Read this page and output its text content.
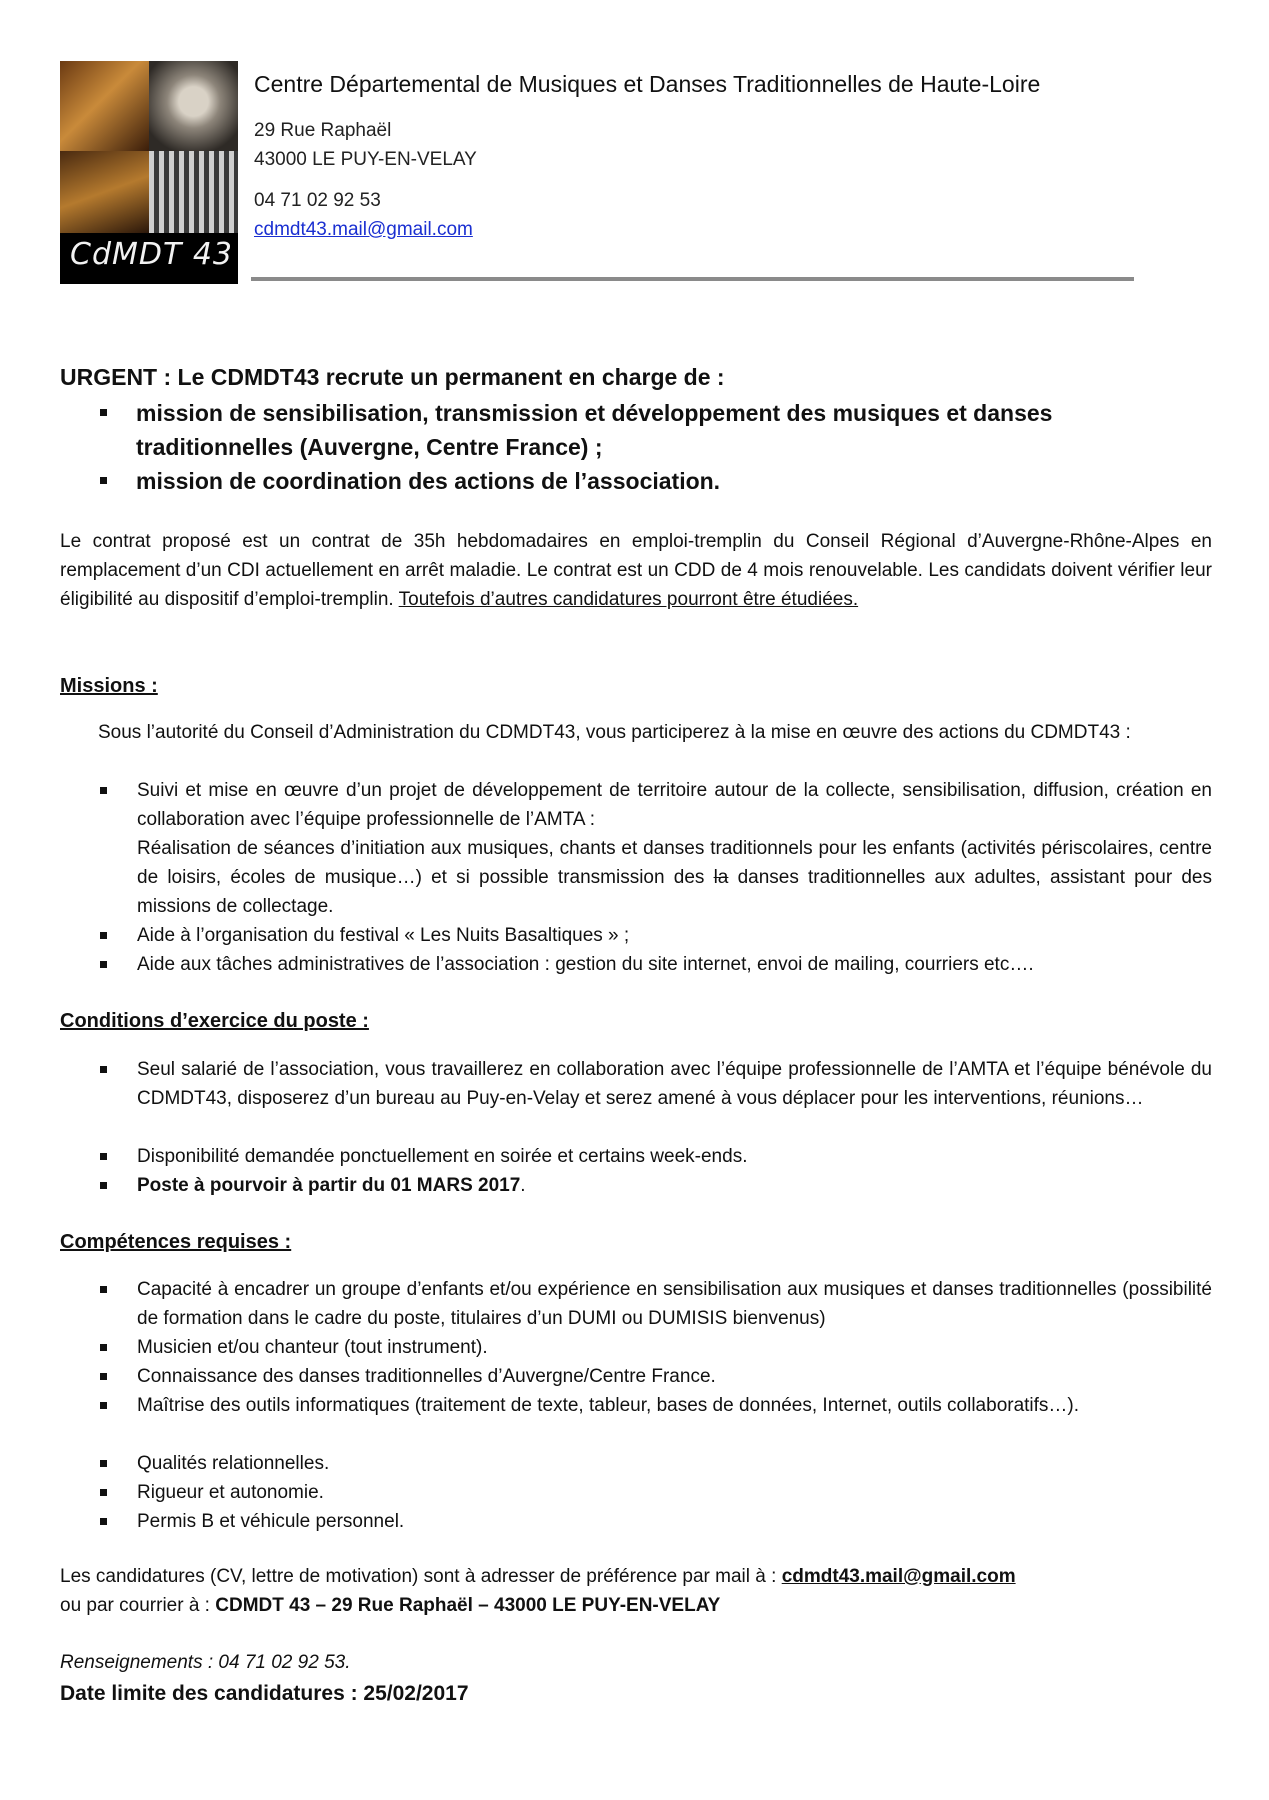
CdMDT 43
Centre Départemental de Musiques et Danses Traditionnelles de Haute-Loire
29 Rue Raphaël
43000 LE PUY-EN-VELAY
04 71 02 92 53
cdmdt43.mail@gmail.com
URGENT : Le CDMDT43 recrute un permanent en charge de :
mission de sensibilisation, transmission et développement des musiques et danses
traditionnelles (Auvergne, Centre France) ;
mission de coordination des actions de l’association.
Le contrat proposé est un contrat de 35h hebdomadaires en emploi-tremplin du Conseil Régional d’Auvergne-Rhône-Alpes en remplacement d’un CDI actuellement en arrêt maladie. Le contrat est un CDD de 4 mois renouvelable. Les candidats doivent vérifier leur éligibilité au dispositif d’emploi-tremplin. Toutefois d’autres candidatures pourront être étudiées.
Missions :
Sous l’autorité du Conseil d’Administration du CDMDT43, vous participerez à la mise en œuvre des actions du CDMDT43 :
Suivi et mise en œuvre d’un projet de développement de territoire autour de la collecte, sensibilisation, diffusion, création en collaboration avec l’équipe professionnelle de l’AMTA :
Réalisation de séances d’initiation aux musiques, chants et danses traditionnels pour les enfants (activités périscolaires, centre de loisirs, écoles de musique…) et si possible transmission des la danses traditionnelles aux adultes, assistant pour des missions de collectage.
Aide à l’organisation du festival « Les Nuits Basaltiques » ;
Aide aux tâches administratives de l’association : gestion du site internet, envoi de mailing, courriers etc….
Conditions d’exercice du poste :
Seul salarié de l’association, vous travaillerez en collaboration avec l’équipe professionnelle de l’AMTA et l’équipe bénévole du CDMDT43, disposerez d’un bureau au Puy-en-Velay et serez amené à vous déplacer pour les interventions, réunions…
Disponibilité demandée ponctuellement en soirée et certains week-ends.
Poste à pourvoir à partir du 01 MARS 2017.
Compétences requises :
Capacité à encadrer un groupe d’enfants et/ou expérience en sensibilisation aux musiques et danses traditionnelles (possibilité de formation dans le cadre du poste, titulaires d’un DUMI ou DUMISIS bienvenus)
Musicien et/ou chanteur (tout instrument).
Connaissance des danses traditionnelles d’Auvergne/Centre France.
Maîtrise des outils informatiques (traitement de texte, tableur, bases de données, Internet, outils collaboratifs…).
Qualités relationnelles.
Rigueur et autonomie.
Permis B et véhicule personnel.
Les candidatures (CV, lettre de motivation) sont à adresser de préférence par mail à : cdmdt43.mail@gmail.com
ou par courrier à : CDMDT 43 – 29 Rue Raphaël – 43000 LE PUY-EN-VELAY
Renseignements : 04 71 02 92 53.
Date limite des candidatures : 25/02/2017
